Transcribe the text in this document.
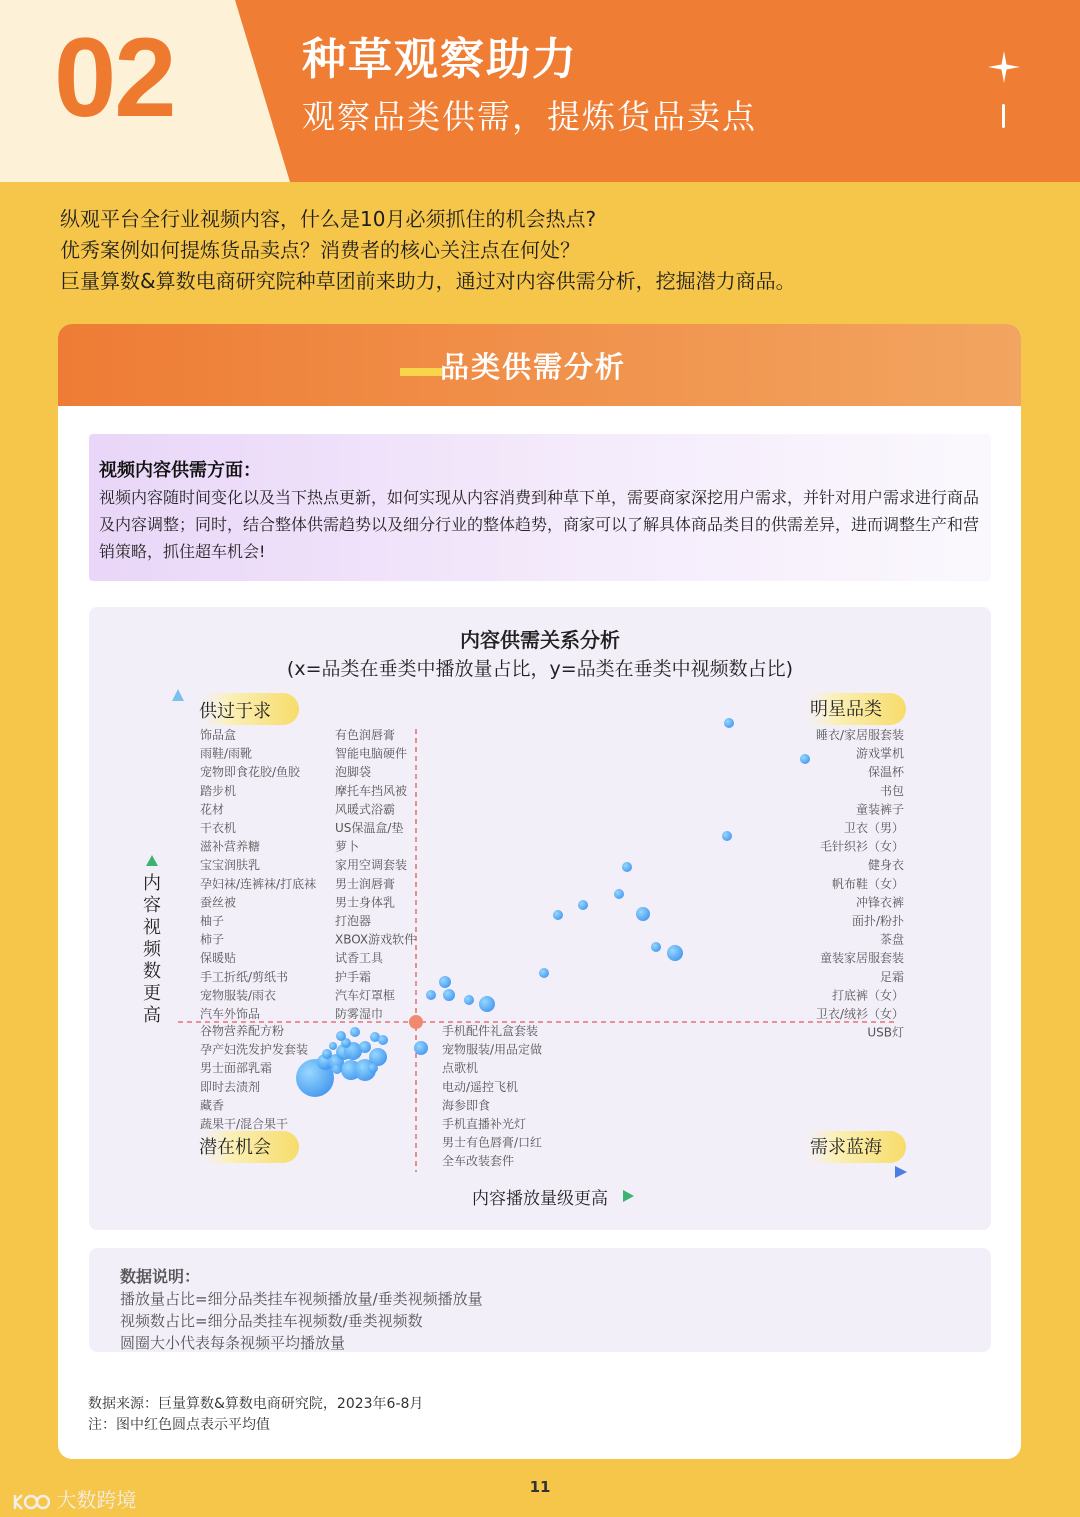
02	种草观察助力
观察品类供需，提炼货品卖点

纵观平台全行业视频内容，什么是10月必须抓住的机会热点?

优秀案例如何提炼货品卖点？消费者的核心关注点在何处？

巨量算数&算数电商研究院种草团前来助力，通过对内容供需分析，挖掘潜力商品。

品类供需分析
视频内容供需方面：
视频内容随时间变化以及当下热点更新，如何实现从内容消费到种草下单，需要商家深挖用户需求，并针对用户需求进行商品及内容调整；同时，结合整体供需趋势以及细分行业的整体趋势，商家可以了解具体商品类目的供需差异，进而调整生产和营销策略，抓住超车机会!
内容供需关系分析
(x=品类在垂类中播放量占比，y=品类在垂类中视频数占比)
供过于求	明星品类
潜在机会	需求蓝海
内容播放量级更高
内
容
视
频
数
更
高
饰品盒
雨鞋/雨靴
宠物即食花胶/鱼胶
踏步机
花材
干衣机
滋补营养糖
宝宝润肤乳
孕妇袜/连裤袜/打底袜
蚕丝被
柚子
柿子
保暖贴
手工折纸/剪纸书
宠物服装/雨衣
汽车外饰品
有色润唇膏
智能电脑硬件
泡脚袋
摩托车挡风被
风暖式浴霸
US保温盒/垫
萝卜
家用空调套装
男士润唇膏
男士身体乳
打泡器
XBOX游戏软件
试香工具
护手霜
汽车灯罩框
防雾湿巾
睡衣/家居服套装
游戏掌机
保温杯
书包
童装裤子
卫衣（男）
毛针织衫（女）
健身衣
帆布鞋（女）
冲锋衣裤
面扑/粉扑
茶盘
童装家居服套装
足霜
打底裤（女）
卫衣/绒衫（女）
USB灯
谷物营养配方粉
孕产妇洗发护发套装
男士面部乳霜
即时去渍剂
藏香
蔬果干/混合果干
手机配件礼盒套装
宠物服装/用品定做
点歌机
电动/遥控飞机
海参即食
手机直播补光灯
男士有色唇膏/口红
全车改装套件
数据说明：
播放量占比=细分品类挂车视频播放量/垂类视频播放量
视频数占比=细分品类挂车视频数/垂类视频数
圆圈大小代表每条视频平均播放量
数据来源：巨量算数&算数电商研究院，2023年6-8月
注：图中红色圆点表示平均值
11
大数跨境
